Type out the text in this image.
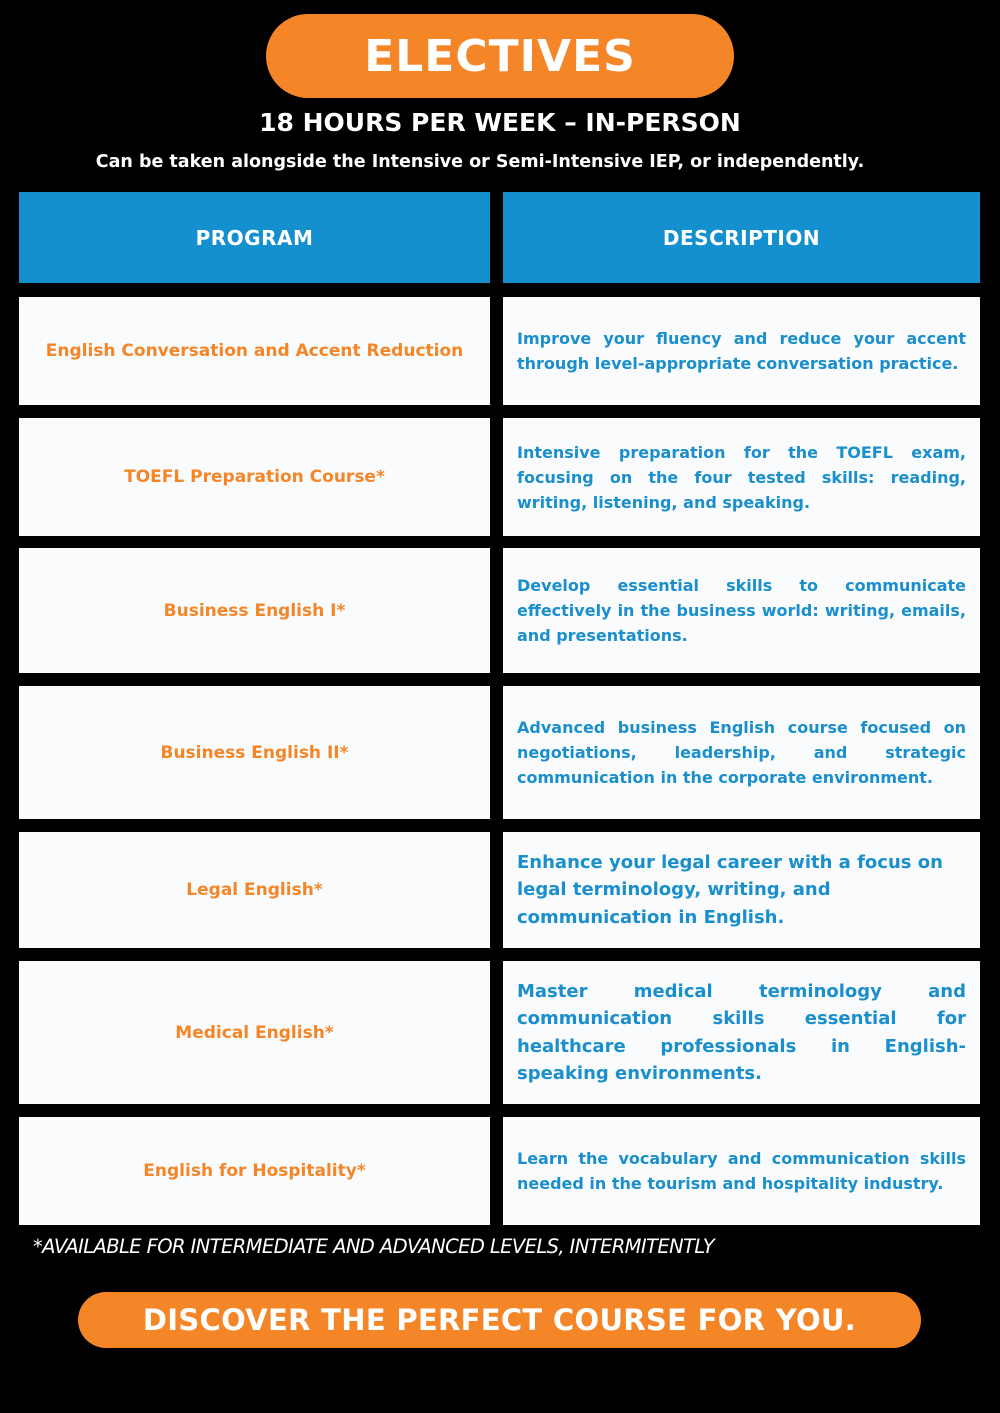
ELECTIVES
18 HOURS PER WEEK – IN-PERSON
Can be taken alongside the Intensive or Semi-Intensive IEP, or independently.
PROGRAM	DESCRIPTION
English Conversation and Accent Reduction
Improve your fluency and reduce your accent through level-appropriate conversation practice.
TOEFL Preparation Course*
Intensive preparation for the TOEFL exam, focusing on the four tested skills: reading, writing, listening, and speaking.
Business English I*
Develop essential skills to communicate effectively in the business world: writing, emails, and presentations.
Business English II*
Advanced business English course focused on negotiations, leadership, and strategic communication in the corporate environment.
Legal English*
Enhance your legal career with a focus on legal terminology, writing, and communication in English.
Medical English*
Master medical terminology and communication skills essential for healthcare professionals in English-speaking environments.
English for Hospitality*
Learn the vocabulary and communication skills needed in the tourism and hospitality industry.
*AVAILABLE FOR INTERMEDIATE AND ADVANCED LEVELS, INTERMITENTLY
DISCOVER THE PERFECT COURSE FOR YOU.
